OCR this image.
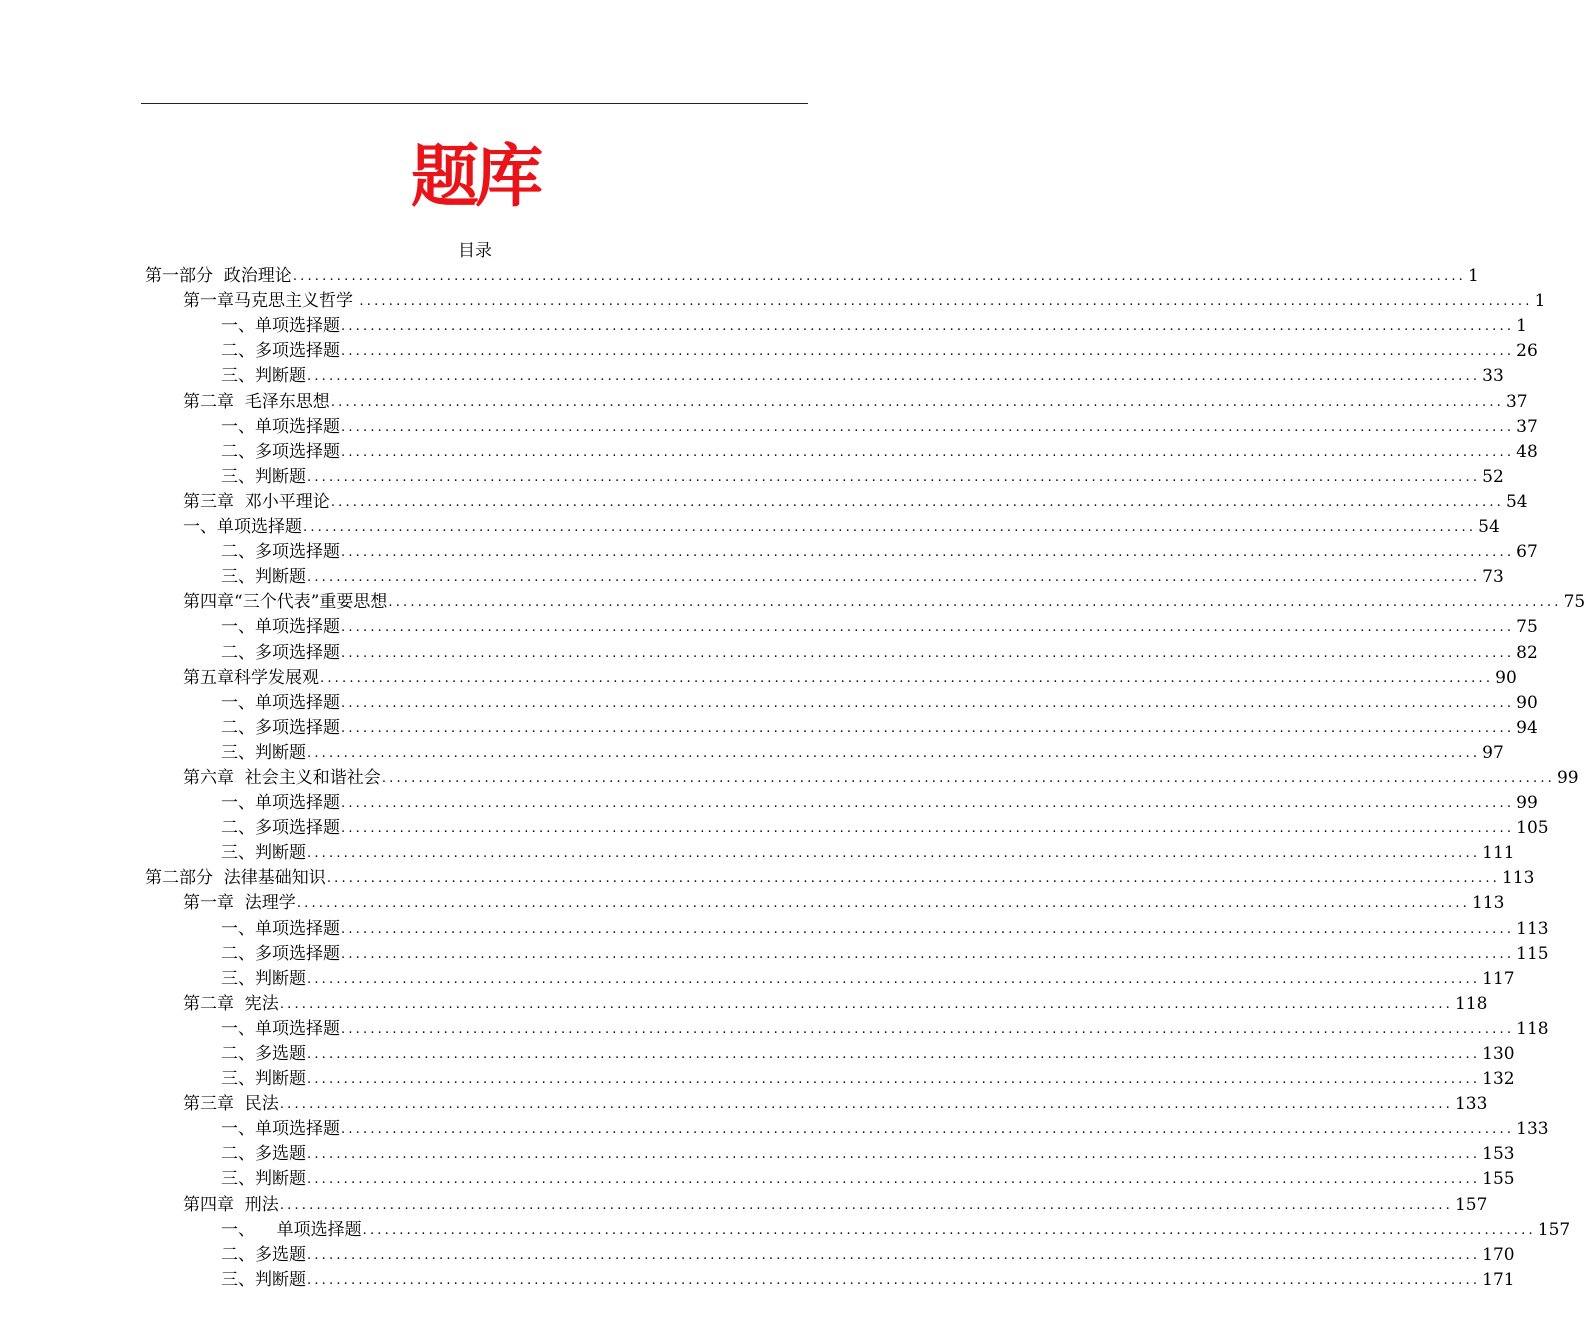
题库
目录
第一部分  政治理论 ................................................................................................................................................................ 1
第一章马克思主义哲学 ................................................................................................................................................................ 1
一、单项选择题 ................................................................................................................................................................ 1
二、多项选择题 ................................................................................................................................................................ 26
三、判断题 ................................................................................................................................................................ 33
第二章  毛泽东思想 ................................................................................................................................................................ 37
一、单项选择题 ................................................................................................................................................................ 37
二、多项选择题 ................................................................................................................................................................ 48
三、判断题 ................................................................................................................................................................ 52
第三章  邓小平理论 ................................................................................................................................................................ 54
一、单项选择题 ................................................................................................................................................................ 54
二、多项选择题 ................................................................................................................................................................ 67
三、判断题 ................................................................................................................................................................ 73
第四章“三个代表”重要思想 ................................................................................................................................................................ 75
一、单项选择题 ................................................................................................................................................................ 75
二、多项选择题 ................................................................................................................................................................ 82
第五章科学发展观 ................................................................................................................................................................ 90
一、单项选择题 ................................................................................................................................................................ 90
二、多项选择题 ................................................................................................................................................................ 94
三、判断题 ................................................................................................................................................................ 97
第六章  社会主义和谐社会 ................................................................................................................................................................ 99
一、单项选择题 ................................................................................................................................................................ 99
二、多项选择题 ................................................................................................................................................................ 105
三、判断题 ................................................................................................................................................................ 111
第二部分  法律基础知识 ................................................................................................................................................................ 113
第一章  法理学 ................................................................................................................................................................ 113
一、单项选择题 ................................................................................................................................................................ 113
二、多项选择题 ................................................................................................................................................................ 115
三、判断题 ................................................................................................................................................................ 117
第二章  宪法 ................................................................................................................................................................ 118
一、单项选择题 ................................................................................................................................................................ 118
二、多选题 ................................................................................................................................................................ 130
三、判断题 ................................................................................................................................................................ 132
第三章  民法 ................................................................................................................................................................ 133
一、单项选择题 ................................................................................................................................................................ 133
二、多选题 ................................................................................................................................................................ 153
三、判断题 ................................................................................................................................................................ 155
第四章  刑法 ................................................................................................................................................................ 157
一、    单项选择题 ................................................................................................................................................................ 157
二、多选题 ................................................................................................................................................................ 170
三、判断题 ................................................................................................................................................................ 171
